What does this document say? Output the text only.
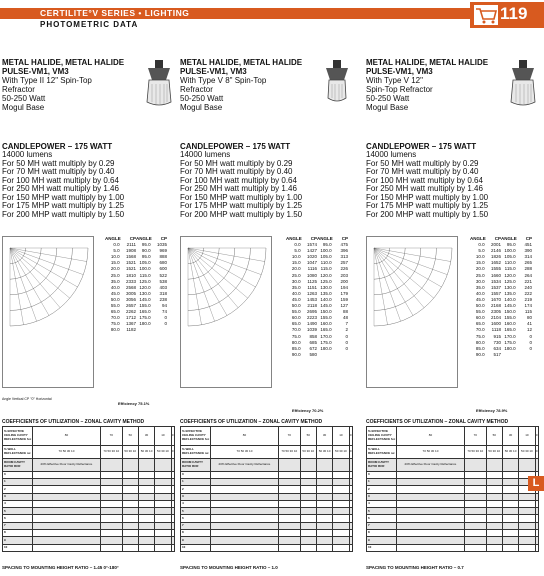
CERTILITE°V SERIES • LIGHTING
PHOTOMETRIC DATA
119
METAL HALIDE, METAL HALIDE
PULSE-VM1, VM3
With Type II 12" Spin-Top
Refractor
50-250 Watt
Mogul Base
CANDLEPOWER – 175 WATT
14000 lumens
For 50 MH watt multiply by 0.29
For 70 MH watt multiply by 0.40
For 100 MH watt multiply by 0.64
For 250 MH watt multiply by 1.46
For 150 MHP watt multiply by 1.00
For 175 MHP watt multiply by 1.25
For 200 MHP watt multiply by 1.50
METAL HALIDE, METAL HALIDE
PULSE-VM1, VM3
With Type V 8" Spin-Top
Refractor
50-250 Watt
Mogul Base
CANDLEPOWER – 175 WATT
14000 lumens
For 50 MH watt multiply by 0.29
For 70 MH watt multiply by 0.40
For 100 MH watt multiply by 0.64
For 250 MH watt multiply by 1.46
For 150 MHP watt multiply by 1.00
For 175 MHP watt multiply by 1.25
For 200 MHP watt multiply by 1.50
METAL HALIDE, METAL HALIDE
PULSE-VM1, VM3
With Type V 12"
Spin-Top Refractor
50-250 Watt
Mogul Base
CANDLEPOWER – 175 WATT
14000 lumens
For 50 MH watt multiply by 0.29
For 70 MH watt multiply by 0.40
For 100 MH watt multiply by 0.64
For 250 MH watt multiply by 1.46
For 150 MHP watt multiply by 1.00
For 175 MHP watt multiply by 1.25
For 200 MHP watt multiply by 1.50
Angle Vertical CP ''0° Horizontal
ANGLE	CP ANGLE	CP
0.0	2111	95.0	1035
5.0	1908	90.0	969
10.0	1568	95.0	888
15.0	1521 105.0	680
20.0	1521 100.0	600
25.0	1810 115.0	522
35.0	2333 125.0	538
40.0	2568 120.0	403
45.0	3005 130.0	318
50.0	3056 145.0	238
55.0	2657 155.0	94
65.0	2262 165.0	74
70.0	1712 175.0	0
75.0	1367 180.0	0
80.0	1182
ANGLE	CP ANGLE	CP
0.0	1574	95.0	475
5.0	1427 100.0	396
10.0	1020 105.0	313
15.0	1047 110.0	257
20.0	1116 115.0	226
25.0	1080 120.0	203
30.0	1125 125.0	200
35.0	1151 130.0	194
40.0	1263 135.0	179
45.0	1453 140.0	159
50.0	2118 145.0	127
55.0	2695 150.0	88
60.0	2223 155.0	48
65.0	1490 160.0	7
70.0	1039 165.0	2
75.0	858 170.0	0
80.0	685 175.0	0
85.0	672 180.0	0
90.0	580
ANGLE	CP ANGLE	CP
0.0	2001	95.0	451
5.0	2146 100.0	390
10.0	1826 105.0	314
15.0	1652 110.0	265
20.0	1555 115.0	288
25.0	1660 120.0	264
30.0	1534 125.0	221
35.0	1537 130.0	240
40.0	1557 135.0	222
45.0	1670 140.0	219
50.0	2168 145.0	174
55.0	2305 150.0	115
60.0	2104 155.0	80
65.0	1600 160.0	41
70.0	1118 165.0	12
75.0	915 170.0	0
80.0	730 175.0	0
85.0	634 180.0	0
90.0	517
Efficiency 75.1%
Efficiency 70.2%	Efficiency 78.9%
COEFFICIENTS OF UTILIZATION – ZONAL CAVITY METHOD	COEFFICIENTS OF UTILIZATION – ZONAL CAVITY METHOD	COEFFICIENTS OF UTILIZATION – ZONAL CAVITY METHOD
% EFFECTIVE CEILING CAVITY REFLECTANCE fcc	80	70	50	30	10	0
% WALL REFLECTANCE rw	70 50 30 10	70 50 30 10	50 30 10	50 30 10	50 30 10	0
ROOM CAVITY RATIO RCR	20% Effective Floor Cavity Reflectance					
0						
1						
2						
3						
4						
5						
6						
7						
8						
9						
10						
% EFFECTIVE CEILING CAVITY REFLECTANCE fcc	80	70	50	30	10	0
% WALL REFLECTANCE rw	70 50 30 10	70 50 30 10	50 30 10	50 30 10	50 30 10	0
ROOM CAVITY RATIO RCR	20% Effective Floor Cavity Reflectance					
0						
1						
2						
3						
4						
5						
6						
7						
8						
9						
10						
% EFFECTIVE CEILING CAVITY REFLECTANCE fcc	80	70	50	30	10	0
% WALL REFLECTANCE rw	70 50 30 10	70 50 30 10	50 30 10	50 30 10	50 30 10	0
ROOM CAVITY RATIO RCR	20% Effective Floor Cavity Reflectance					
0						
1						
2						
3						
4						
5						
6						
7						
8						
9						
10						
SPACING TO MOUNTING HEIGHT RATIO – 1.45 0°-180°	SPACING TO MOUNTING HEIGHT RATIO – 1.0	SPACING TO MOUNTING HEIGHT RATIO – 0.7
L
